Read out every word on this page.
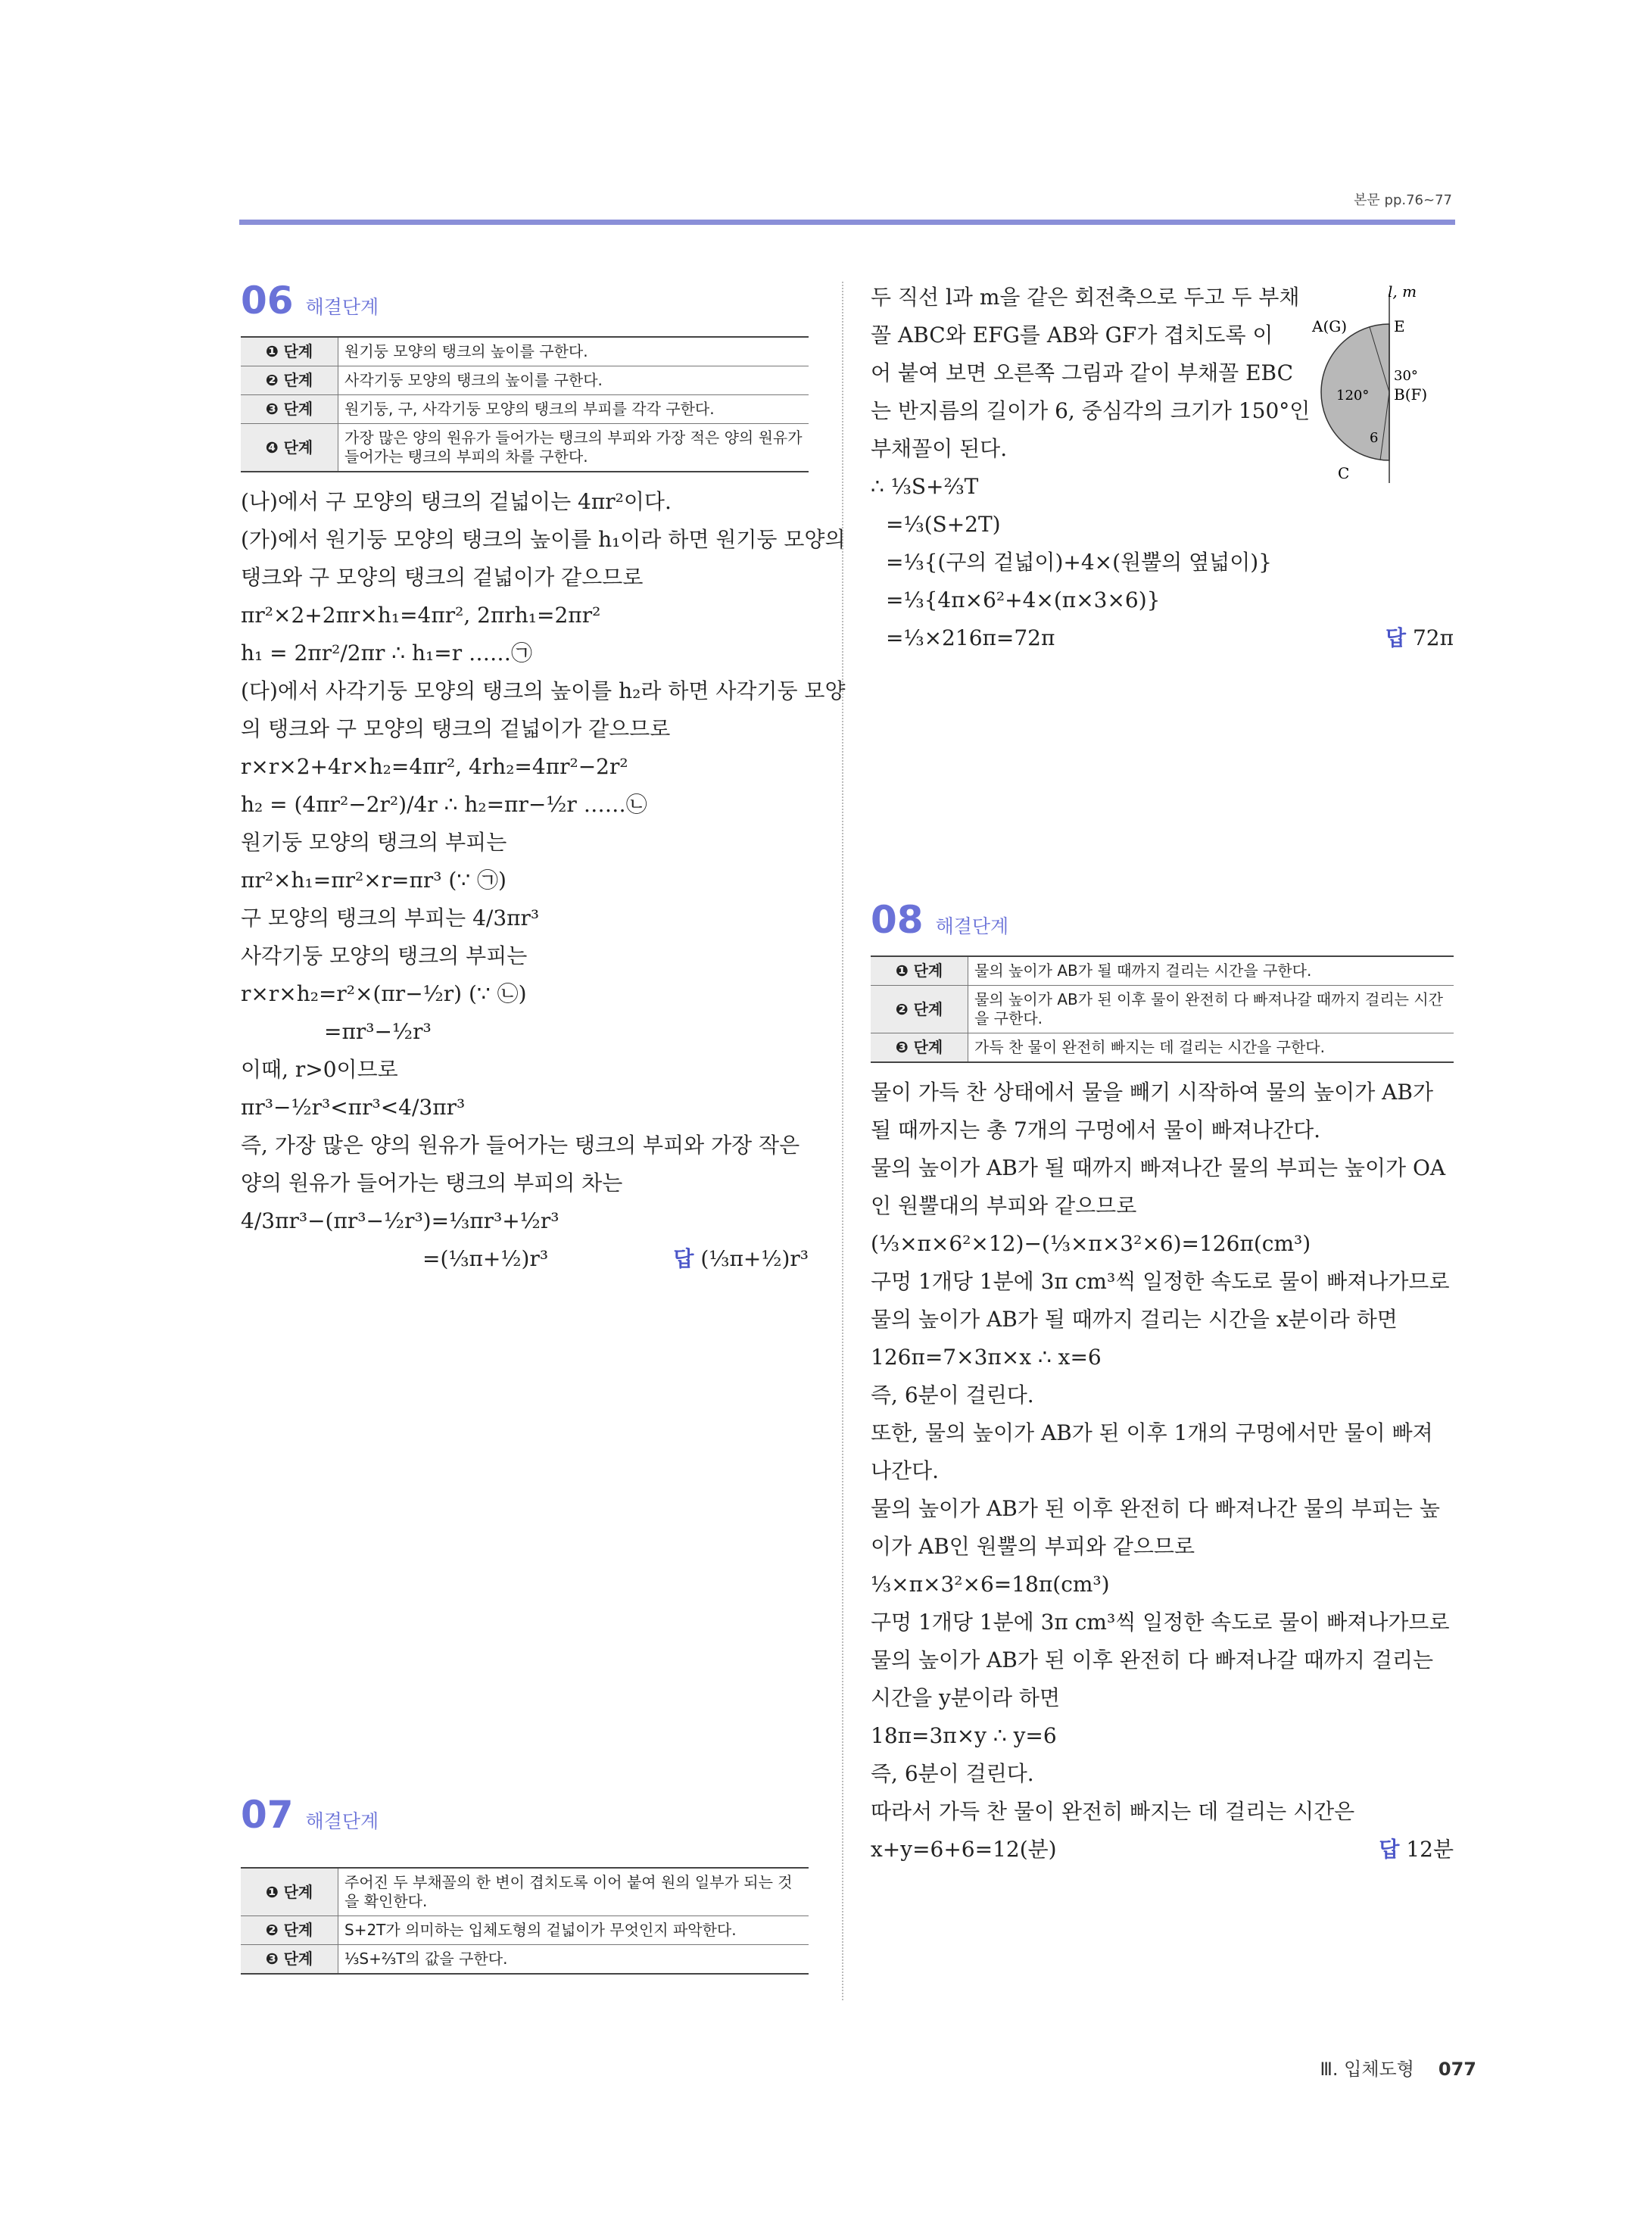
본문 pp.76~77
06 해결단계
❶ 단계	원기둥 모양의 탱크의 높이를 구한다.
❷ 단계	사각기둥 모양의 탱크의 높이를 구한다.
❸ 단계	원기둥, 구, 사각기둥 모양의 탱크의 부피를 각각 구한다.
❹ 단계	가장 많은 양의 원유가 들어가는 탱크의 부피와 가장 적은 양의 원유가 들어가는 탱크의 부피의 차를 구한다.

(나)에서 구 모양의 탱크의 겉넓이는 4πr²이다.

(가)에서 원기둥 모양의 탱크의 높이를 h₁이라 하면 원기둥 모양의

탱크와 구 모양의 탱크의 겉넓이가 같으므로

πr²×2+2πr×h₁=4πr², 2πrh₁=2πr²

h₁ = 2πr²/2πr ∴ h₁=r ……㉠

(다)에서 사각기둥 모양의 탱크의 높이를 h₂라 하면 사각기둥 모양

의 탱크와 구 모양의 탱크의 겉넓이가 같으므로

r×r×2+4r×h₂=4πr², 4rh₂=4πr²−2r²

h₂ = (4πr²−2r²)/4r ∴ h₂=πr−½r ……㉡

원기둥 모양의 탱크의 부피는

πr²×h₁=πr²×r=πr³ (∵ ㉠)

구 모양의 탱크의 부피는 4/3πr³

사각기둥 모양의 탱크의 부피는

r×r×h₂=r²×(πr−½r) (∵ ㉡)

=πr³−½r³

이때, r>0이므로

πr³−½r³<πr³<4/3πr³

즉, 가장 많은 양의 원유가 들어가는 탱크의 부피와 가장 작은

양의 원유가 들어가는 탱크의 부피의 차는

4/3πr³−(πr³−½r³)=⅓πr³+½r³

=(⅓π+½)r³	답 (⅓π+½)r³

07 해결단계
❶ 단계	주어진 두 부채꼴의 한 변이 겹치도록 이어 붙여 원의 일부가 되는 것을 확인한다.
❷ 단계	S+2T가 의미하는 입체도형의 겉넓이가 무엇인지 파악한다.
❸ 단계	⅓S+⅔T의 값을 구한다.

두 직선 l과 m을 같은 회전축으로 두고 두 부채

꼴 ABC와 EFG를 AB와 GF가 겹치도록 이

어 붙여 보면 오른쪽 그림과 같이 부채꼴 EBC

는 반지름의 길이가 6, 중심각의 크기가 150°인

부채꼴이 된다.

∴ ⅓S+⅔T

=⅓(S+2T)

=⅓{(구의 겉넓이)+4×(원뿔의 옆넓이)}

=⅓{4π×6²+4×(π×3×6)}

=⅓×216π=72π	답 72π

l, m
A(G)	E
B(F)
C
120°
30°
6
08 해결단계
❶ 단계	물의 높이가 AB가 될 때까지 걸리는 시간을 구한다.
❷ 단계	물의 높이가 AB가 된 이후 물이 완전히 다 빠져나갈 때까지 걸리는 시간을 구한다.
❸ 단계	가득 찬 물이 완전히 빠지는 데 걸리는 시간을 구한다.

물이 가득 찬 상태에서 물을 빼기 시작하여 물의 높이가 AB가

될 때까지는 총 7개의 구멍에서 물이 빠져나간다.

물의 높이가 AB가 될 때까지 빠져나간 물의 부피는 높이가 OA

인 원뿔대의 부피와 같으므로

(⅓×π×6²×12)−(⅓×π×3²×6)=126π(cm³)

구멍 1개당 1분에 3π cm³씩 일정한 속도로 물이 빠져나가므로

물의 높이가 AB가 될 때까지 걸리는 시간을 x분이라 하면

126π=7×3π×x ∴ x=6

즉, 6분이 걸린다.

또한, 물의 높이가 AB가 된 이후 1개의 구멍에서만 물이 빠져

나간다.

물의 높이가 AB가 된 이후 완전히 다 빠져나간 물의 부피는 높

이가 AB인 원뿔의 부피와 같으므로

⅓×π×3²×6=18π(cm³)

구멍 1개당 1분에 3π cm³씩 일정한 속도로 물이 빠져나가므로

물의 높이가 AB가 된 이후 완전히 다 빠져나갈 때까지 걸리는

시간을 y분이라 하면

18π=3π×y ∴ y=6

즉, 6분이 걸린다.

따라서 가득 찬 물이 완전히 빠지는 데 걸리는 시간은

x+y=6+6=12(분)	답 12분

Ⅲ. 입체도형 077
